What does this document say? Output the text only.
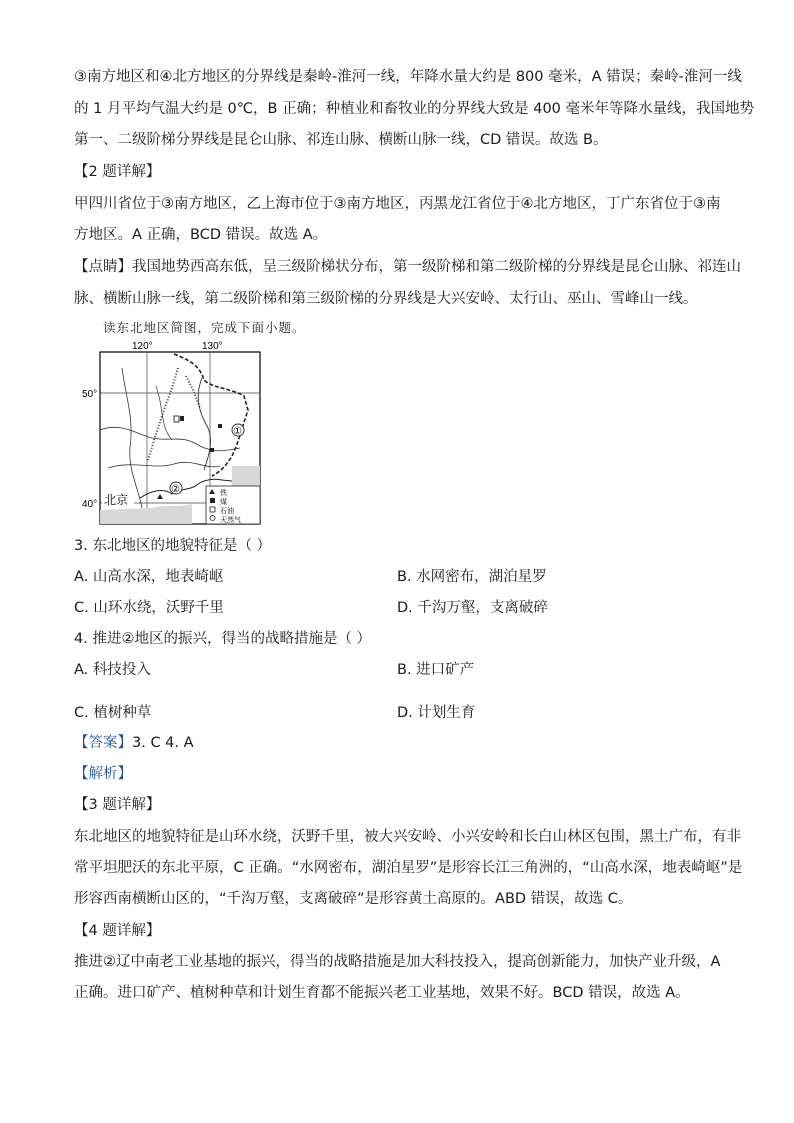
③南方地区和④北方地区的分界线是秦岭-淮河一线，年降水量大约是 800 毫米，A 错误；秦岭-淮河一线
的 1 月平均气温大约是 0℃，B 正确；种植业和畜牧业的分界线大致是 400 毫米年等降水量线，我国地势
第一、二级阶梯分界线是昆仑山脉、祁连山脉、横断山脉一线，CD 错误。故选 B。
【2 题详解】
甲四川省位于③南方地区，乙上海市位于③南方地区，丙黑龙江省位于④北方地区，丁广东省位于③南
方地区。A 正确，BCD 错误。故选 A。
【点睛】我国地势西高东低，呈三级阶梯状分布，第一级阶梯和第二级阶梯的分界线是昆仑山脉、祁连山
脉、横断山脉一线，第二级阶梯和第三级阶梯的分界线是大兴安岭、太行山、巫山、雪峰山一线。
读东北地区简图，完成下面小题。
120°	130°
50°
40°
铁
煤
石油
天然气
①
②
北京
3. 东北地区的地貌特征是（ ）
A. 山高水深，地表崎岖	B. 水网密布，湖泊星罗
C. 山环水绕，沃野千里	D. 千沟万壑，支离破碎
4. 推进②地区的振兴，得当的战略措施是（ ）
A. 科技投入	B. 进口矿产
C. 植树种草	D. 计划生育
【答案】3. C 4. A
【解析】
【3 题详解】
东北地区的地貌特征是山环水绕，沃野千里，被大兴安岭、小兴安岭和长白山林区包围，黑土广布，有非
常平坦肥沃的东北平原，C 正确。“水网密布，湖泊星罗”是形容长江三角洲的，“山高水深，地表崎岖”是
形容西南横断山区的，“千沟万壑，支离破碎”是形容黄土高原的。ABD 错误，故选 C。
【4 题详解】
推进②辽中南老工业基地的振兴，得当的战略措施是加大科技投入，提高创新能力，加快产业升级，A
正确。进口矿产、植树种草和计划生育都不能振兴老工业基地，效果不好。BCD 错误，故选 A。
